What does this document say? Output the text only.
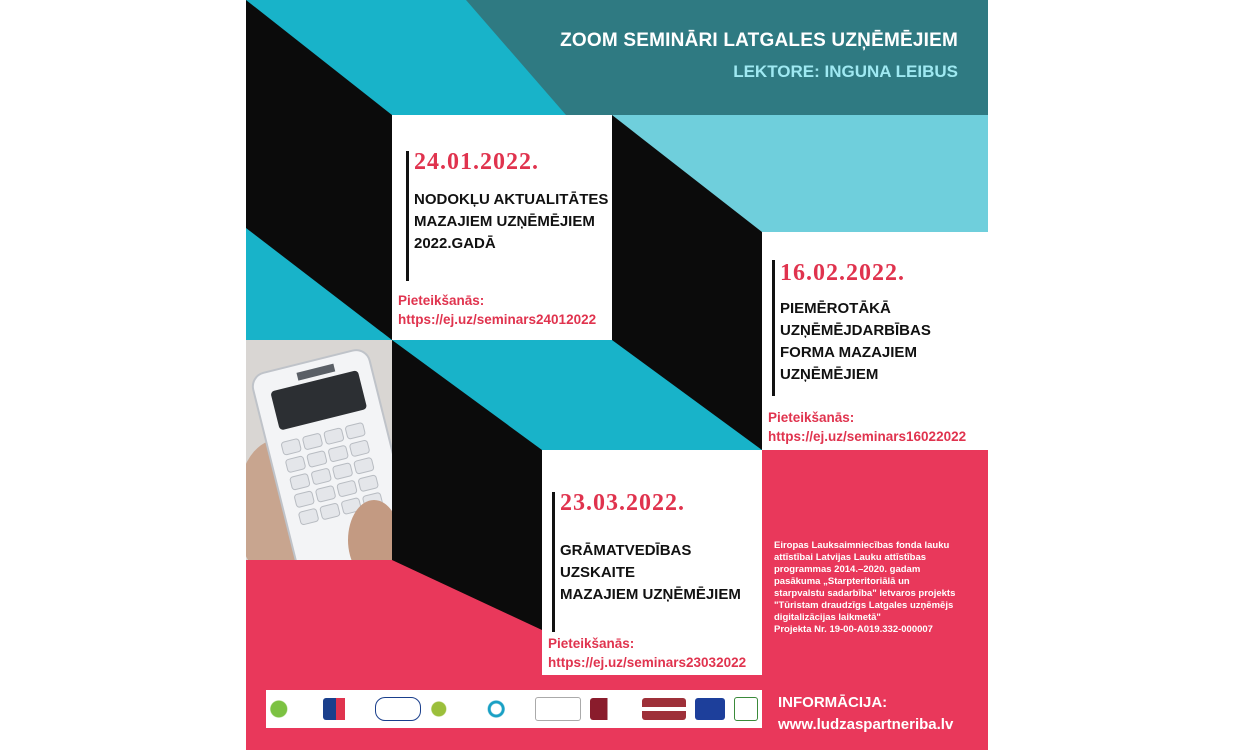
ZOOM SEMINĀRI LATGALES UZŅĒMĒJIEM
LEKTORE: INGUNA LEIBUS
24.01.2022.
NODOKĻU AKTUALITĀTES
MAZAJIEM UZŅĒMĒJIEM
2022.GADĀ
Pieteikšanās:
https://ej.uz/seminars24012022
16.02.2022.
PIEMĒROTĀKĀ
UZŅĒMĒJDARBĪBAS
FORMA MAZAJIEM
UZŅĒMĒJIEM
Pieteikšanās:
https://ej.uz/seminars16022022
23.03.2022.
GRĀMATVEDĪBAS UZSKAITE
MAZAJIEM UZŅĒMĒJIEM
Pieteikšanās:
https://ej.uz/seminars23032022
Eiropas Lauksaimniecības fonda lauku
attīstībai Latvijas Lauku attīstības
programmas 2014.–2020. gadam
pasākuma „Starpteritoriālā un
starpvalstu sadarbība" Ietvaros projekts
"Tūristam draudzīgs Latgales uzņēmējs
digitalizācijas laikmetā"
Projekta Nr. 19-00-A019.332-000007
INFORMĀCIJA:
www.ludzaspartneriba.lv
